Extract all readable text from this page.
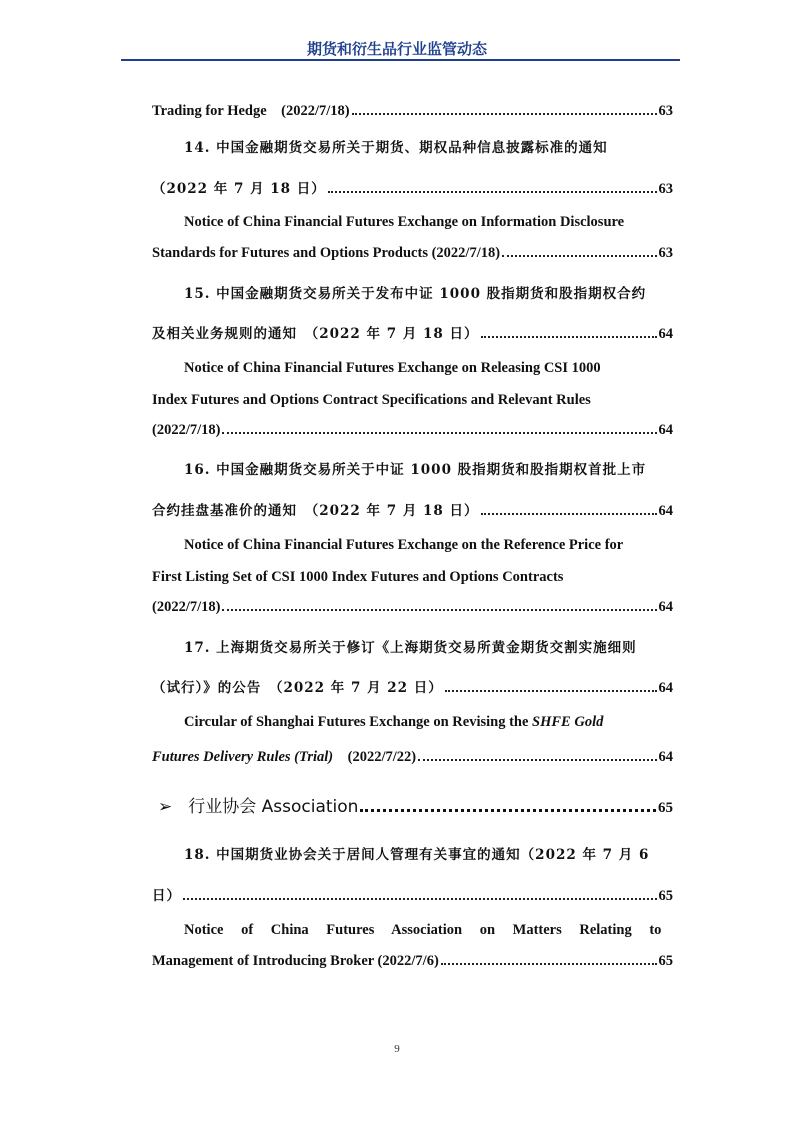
期货和衍生品行业监管动态
Trading for Hedge　(2022/7/18)	63
14. 中国金融期货交易所关于期货、期权品种信息披露标准的通知
（2022 年 7 月 18 日）	63
Notice of China Financial Futures Exchange on Information Disclosure
Standards for Futures and Options Products (2022/7/18)	63
15. 中国金融期货交易所关于发布中证 1000 股指期货和股指期权合约
及相关业务规则的通知　（2022 年 7 月 18 日）	64
Notice of China Financial Futures Exchange on Releasing CSI 1000
Index Futures and Options Contract Specifications and Relevant Rules
(2022/7/18)	64
16. 中国金融期货交易所关于中证 1000 股指期货和股指期权首批上市
合约挂盘基准价的通知　（2022 年 7 月 18 日）	64
Notice of China Financial Futures Exchange on the Reference Price for
First Listing Set of CSI 1000 Index Futures and Options Contracts
(2022/7/18)	64
17. 上海期货交易所关于修订《上海期货交易所黄金期货交割实施细则
（试行）》的公告　（2022 年 7 月 22 日）	64
Circular of Shanghai Futures Exchange on Revising the SHFE Gold
Futures Delivery Rules (Trial) 　(2022/7/22)	64
➢ 行业协会 Association	65
18. 中国期货业协会关于居间人管理有关事宜的通知（2022 年 7 月 6
日）	65
Notice of China Futures Association on Matters Relating to
Management of Introducing Broker (2022/7/6)	65
9
